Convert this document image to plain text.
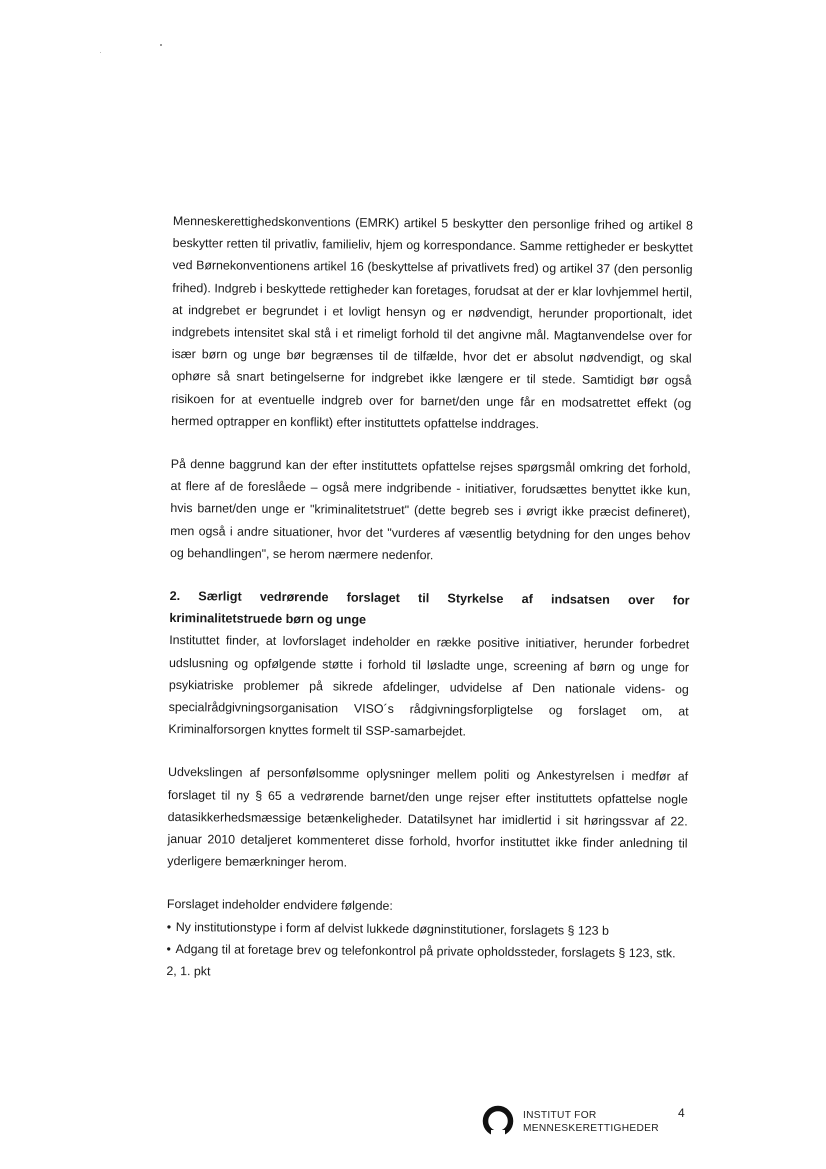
Menneskerettighedskonventions (EMRK) artikel 5 beskytter den personlige frihed og artikel 8 beskytter retten til privatliv, familieliv, hjem og korrespondance. Samme rettigheder er beskyttet ved Børnekonventionens artikel 16 (beskyttelse af privatlivets fred) og artikel 37 (den personlig frihed). Indgreb i beskyttede rettigheder kan foretages, forudsat at der er klar lovhjemmel hertil, at indgrebet er begrundet i et lovligt hensyn og er nødvendigt, herunder proportionalt, idet indgrebets intensitet skal stå i et rimeligt forhold til det angivne mål. Magtanvendelse over for især børn og unge bør begrænses til de tilfælde, hvor det er absolut nødvendigt, og skal ophøre så snart betingelserne for indgrebet ikke længere er til stede. Samtidigt bør også risikoen for at eventuelle indgreb over for barnet/den unge får en modsatrettet effekt (og hermed optrapper en konflikt) efter instituttets opfattelse inddrages.

På denne baggrund kan der efter instituttets opfattelse rejses spørgsmål omkring det forhold, at flere af de foreslåede – også mere indgribende - initiativer, forudsættes benyttet ikke kun, hvis barnet/den unge er "kriminalitetstruet" (dette begreb ses i øvrigt ikke præcist defineret), men også i andre situationer, hvor det "vurderes af væsentlig betydning for den unges behov og behandlingen", se herom nærmere nedenfor.

2. Særligt vedrørende forslaget til Styrkelse af indsatsen over for
kriminalitetstruede børn og unge

Instituttet finder, at lovforslaget indeholder en række positive initiativer, herunder forbedret udslusning og opfølgende støtte i forhold til løsladte unge, screening af børn og unge for psykiatriske problemer på sikrede afdelinger, udvidelse af Den nationale videns- og specialrådgivningsorganisation VISO´s rådgivningsforpligtelse og forslaget om, at Kriminalforsorgen knyttes formelt til SSP-samarbejdet.

Udvekslingen af personfølsomme oplysninger mellem politi og Ankestyrelsen i medfør af forslaget til ny § 65 a vedrørende barnet/den unge rejser efter instituttets opfattelse nogle datasikkerhedsmæssige betænkeligheder. Datatilsynet har imidlertid i sit høringssvar af 22. januar 2010 detaljeret kommenteret disse forhold, hvorfor instituttet ikke finder anledning til yderligere bemærkninger herom.

Forslaget indeholder endvidere følgende:

• Ny institutionstype i form af delvist lukkede døgninstitutioner, forslagets § 123 b
• Adgang til at foretage brev og telefonkontrol på private opholdssteder, forslagets § 123, stk. 2, 1. pkt
INSTITUT FOR
MENNESKERETTIGHEDER
4
